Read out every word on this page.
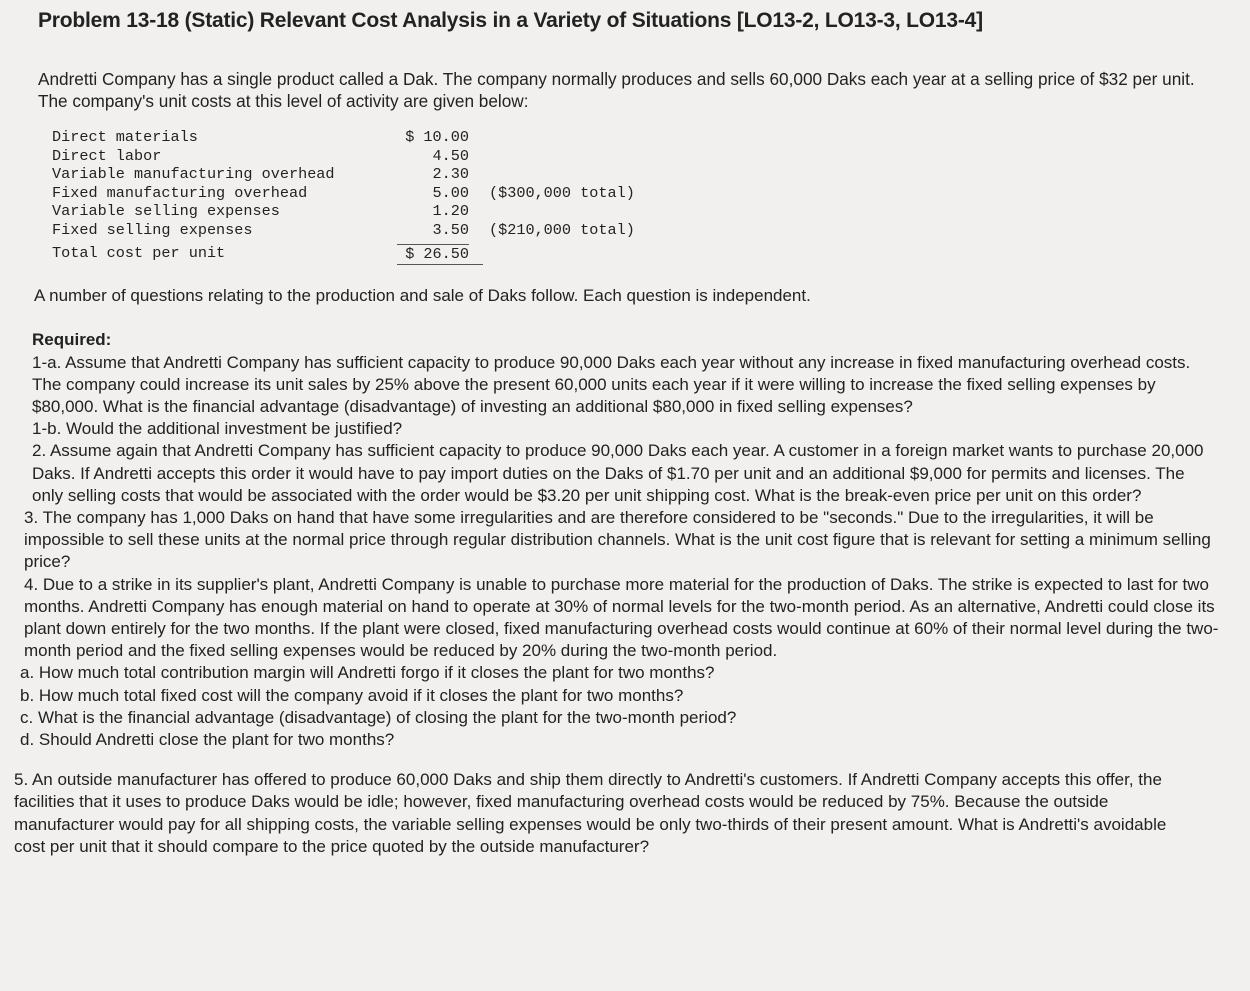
Problem 13-18 (Static) Relevant Cost Analysis in a Variety of Situations [LO13-2, LO13-3, LO13-4]

Andretti Company has a single product called a Dak. The company normally produces and sells 60,000 Daks each year at a selling price of $32 per unit. The company's unit costs at this level of activity are given below:

Direct materials	$ 10.00
Direct labor	4.50
Variable manufacturing overhead	2.30
Fixed manufacturing overhead	5.00	($300,000 total)
Variable selling expenses	1.20
Fixed selling expenses	3.50	($210,000 total)
Total cost per unit	$ 26.50

A number of questions relating to the production and sale of Daks follow. Each question is independent.

Required:

1-a. Assume that Andretti Company has sufficient capacity to produce 90,000 Daks each year without any increase in fixed manufacturing overhead costs. The company could increase its unit sales by 25% above the present 60,000 units each year if it were willing to increase the fixed selling expenses by $80,000. What is the financial advantage (disadvantage) of investing an additional $80,000 in fixed selling expenses?

1-b. Would the additional investment be justified?

2. Assume again that Andretti Company has sufficient capacity to produce 90,000 Daks each year. A customer in a foreign market wants to purchase 20,000 Daks. If Andretti accepts this order it would have to pay import duties on the Daks of $1.70 per unit and an additional $9,000 for permits and licenses. The only selling costs that would be associated with the order would be $3.20 per unit shipping cost. What is the break-even price per unit on this order?

3. The company has 1,000 Daks on hand that have some irregularities and are therefore considered to be "seconds." Due to the irregularities, it will be impossible to sell these units at the normal price through regular distribution channels. What is the unit cost figure that is relevant for setting a minimum selling price?

4. Due to a strike in its supplier's plant, Andretti Company is unable to purchase more material for the production of Daks. The strike is expected to last for two months. Andretti Company has enough material on hand to operate at 30% of normal levels for the two-month period. As an alternative, Andretti could close its plant down entirely for the two months. If the plant were closed, fixed manufacturing overhead costs would continue at 60% of their normal level during the two-month period and the fixed selling expenses would be reduced by 20% during the two-month period.

a. How much total contribution margin will Andretti forgo if it closes the plant for two months?

b. How much total fixed cost will the company avoid if it closes the plant for two months?

c. What is the financial advantage (disadvantage) of closing the plant for the two-month period?

d. Should Andretti close the plant for two months?

5. An outside manufacturer has offered to produce 60,000 Daks and ship them directly to Andretti's customers. If Andretti Company accepts this offer, the facilities that it uses to produce Daks would be idle; however, fixed manufacturing overhead costs would be reduced by 75%. Because the outside manufacturer would pay for all shipping costs, the variable selling expenses would be only two-thirds of their present amount. What is Andretti's avoidable cost per unit that it should compare to the price quoted by the outside manufacturer?
